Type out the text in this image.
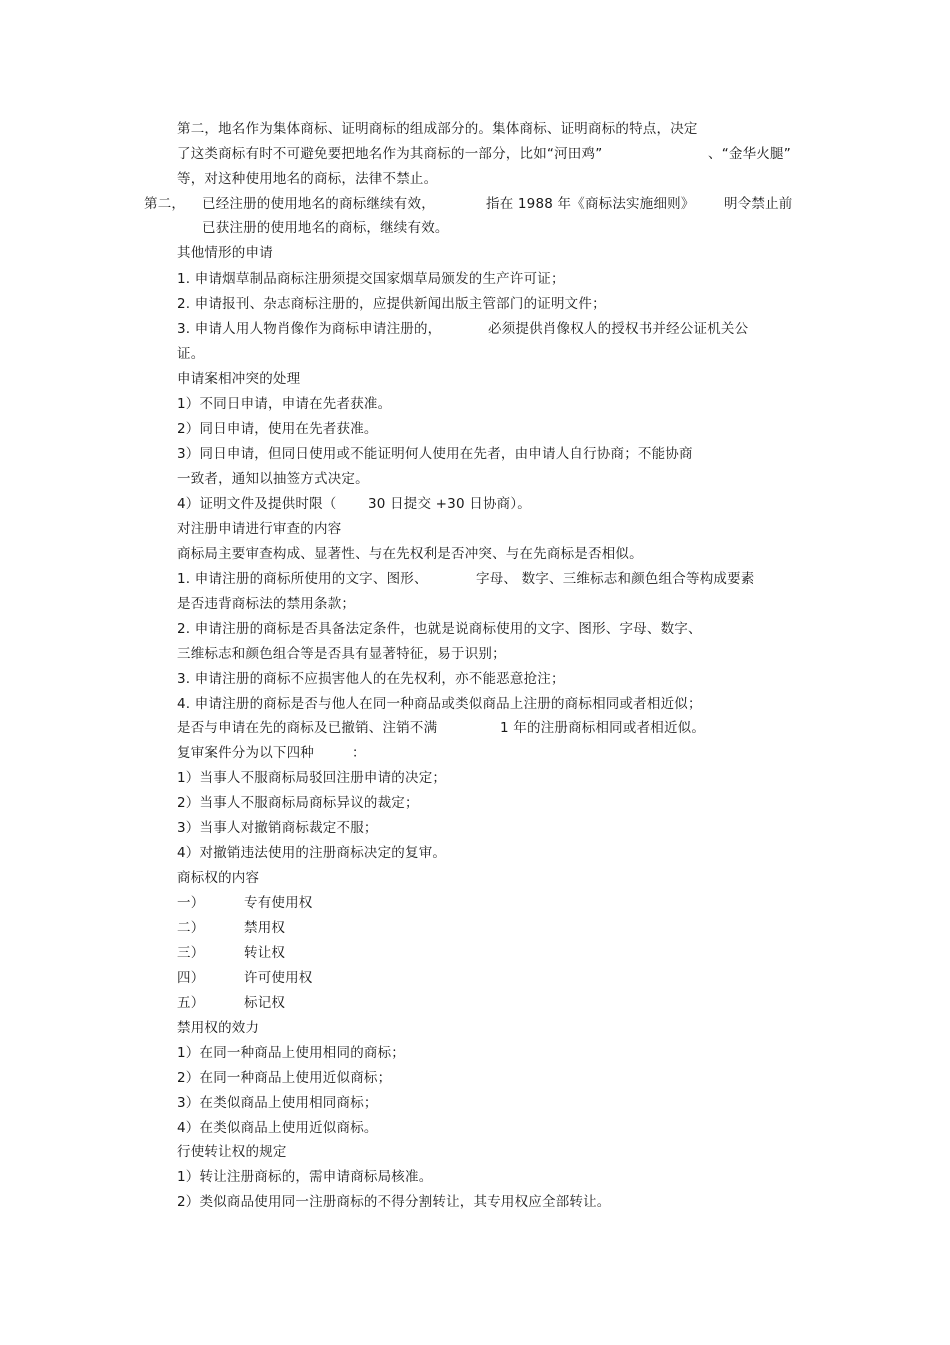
第二，地名作为集体商标、证明商标的组成部分的。集体商标、证明商标的特点，决定
了这类商标有时不可避免要把地名作为其商标的一部分，比如“河田鸡”	、“金华火腿”
等，对这种使用地名的商标，法律不禁止。
第二， 已经注册的使用地名的商标继续有效，	指在 1988 年《商标法实施细则》 明令禁止前
已获注册的使用地名的商标，继续有效。
其他情形的申请
1. 申请烟草制品商标注册须提交国家烟草局颁发的生产许可证；
2. 申请报刊、杂志商标注册的，应提供新闻出版主管部门的证明文件；
3. 申请人用人物肖像作为商标申请注册的，	必须提供肖像权人的授权书并经公证机关公
证。
申请案相冲突的处理
1）不同日申请，申请在先者获准。
2）同日申请，使用在先者获准。
3）同日申请，但同日使用或不能证明何人使用在先者，由申请人自行协商；不能协商
一致者，通知以抽签方式决定。
4）证明文件及提供时限（ 30 日提交 +30 日协商）。
对注册申请进行审查的内容
商标局主要审查构成、显著性、与在先权利是否冲突、与在先商标是否相似。
1. 申请注册的商标所使用的文字、图形、	字母、 数字、三维标志和颜色组合等构成要素
是否违背商标法的禁用条款；
2. 申请注册的商标是否具备法定条件，也就是说商标使用的文字、图形、字母、数字、
三维标志和颜色组合等是否具有显著特征，易于识别；
3. 申请注册的商标不应损害他人的在先权利，亦不能恶意抢注；
4. 申请注册的商标是否与他人在同一种商品或类似商品上注册的商标相同或者相近似；
是否与申请在先的商标及已撤销、注销不满	1 年的注册商标相同或者相近似。
复审案件分为以下四种	：
1）当事人不服商标局驳回注册申请的决定；
2）当事人不服商标局商标异议的裁定；
3）当事人对撤销商标裁定不服；
4）对撤销违法使用的注册商标决定的复审。
商标权的内容
一）	专有使用权
二）	禁用权
三）	转让权
四）	许可使用权
五）	标记权
禁用权的效力
1）在同一种商品上使用相同的商标；
2）在同一种商品上使用近似商标；
3）在类似商品上使用相同商标；
4）在类似商品上使用近似商标。
行使转让权的规定
1）转让注册商标的，需申请商标局核准。
2）类似商品使用同一注册商标的不得分割转让，其专用权应全部转让。
